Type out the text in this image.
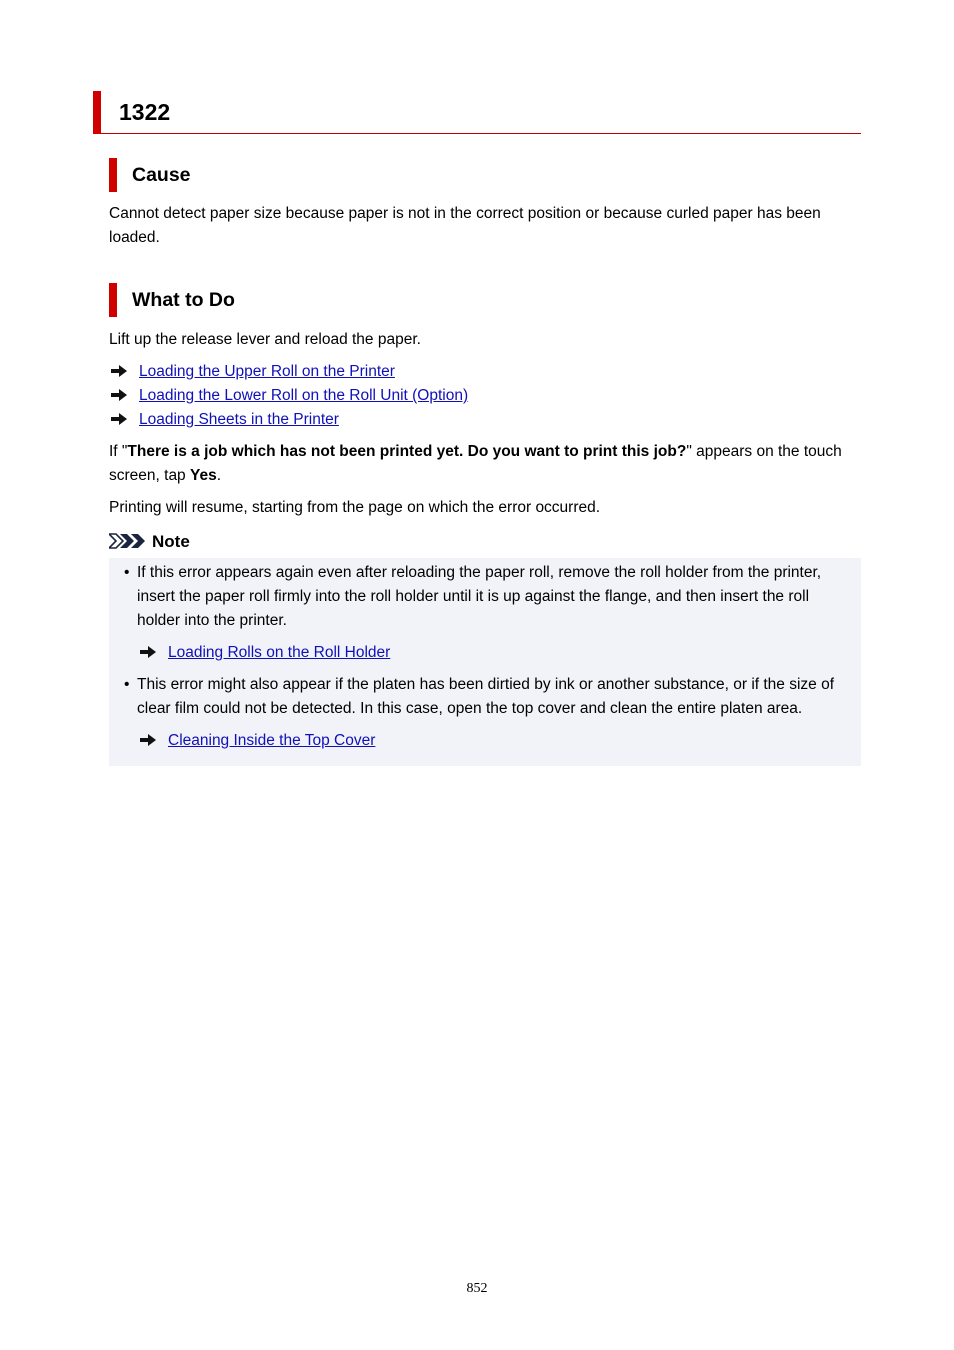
1322
Cause

Cannot detect paper size because paper is not in the correct position or because curled paper has been loaded.

What to Do

Lift up the release lever and reload the paper.

Loading the Upper Roll on the Printer
Loading the Lower Roll on the Roll Unit (Option)
Loading Sheets in the Printer

If "There is a job which has not been printed yet. Do you want to print this job?" appears on the touch screen, tap Yes.

Printing will resume, starting from the page on which the error occurred.

Note
• If this error appears again even after reloading the paper roll, remove the roll holder from the printer, insert the paper roll firmly into the roll holder until it is up against the flange, and then insert the roll holder into the printer.

Loading Rolls on the Roll Holder
• This error might also appear if the platen has been dirtied by ink or another substance, or if the size of clear film could not be detected. In this case, open the top cover and clean the entire platen area.

Cleaning Inside the Top Cover
852
